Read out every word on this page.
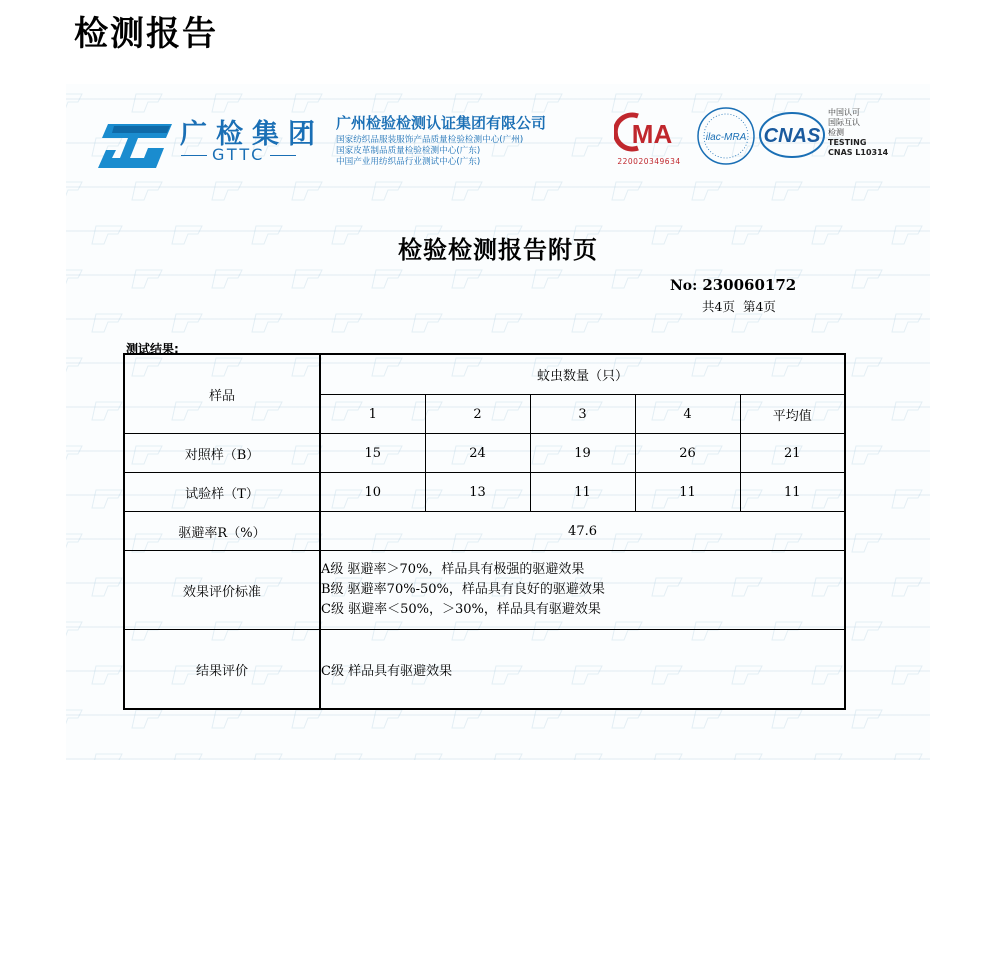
检测报告
广检集团
GTTC
广州检验检测认证集团有限公司
国家纺织品服装服饰产品质量检验检测中心(广州)
国家皮革制品质量检验检测中心(广东)
中国产业用纺织品行业测试中心(广东)
MA
220020349634
ilac-MRA CNAS
中国认可
国际互认
检测
TESTING
CNAS L10314
检验检测报告附页
No: 230060172
共4页 第4页
测试结果:
样品	蚊虫数量（只）				
	1	2	3	4	平均值
对照样（B）	15	24	19	26	21
试验样（T）	10	13	11	11	11
驱避率R（%）	47.6				
效果评价标准	A级 驱避率＞70%，样品具有极强的驱避效果
B级 驱避率70%-50%，样品具有良好的驱避效果
C级 驱避率＜50%，＞30%，样品具有驱避效果				

结果评价	C级 样品具有驱避效果				
